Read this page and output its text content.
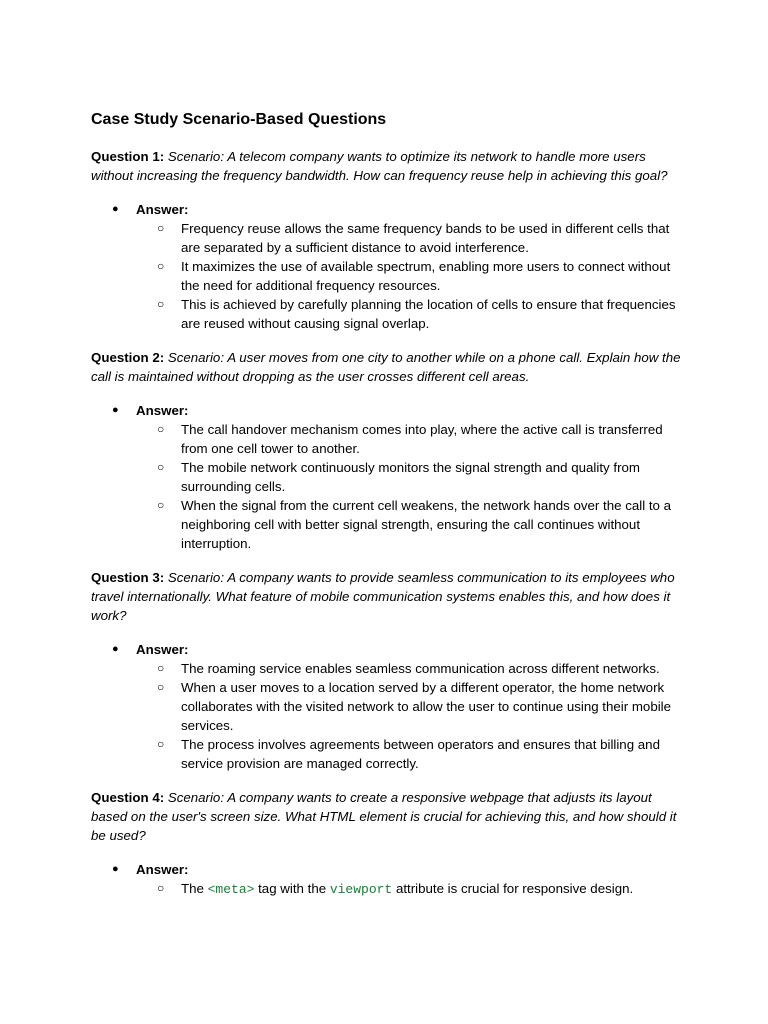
Case Study Scenario-Based Questions

Question 1: Scenario: A telecom company wants to optimize its network to handle more users without increasing the frequency bandwidth. How can frequency reuse help in achieving this goal?

● Answer:
○ Frequency reuse allows the same frequency bands to be used in different cells that are separated by a sufficient distance to avoid interference.
○ It maximizes the use of available spectrum, enabling more users to connect without the need for additional frequency resources.
○ This is achieved by carefully planning the location of cells to ensure that frequencies are reused without causing signal overlap.

Question 2: Scenario: A user moves from one city to another while on a phone call. Explain how the call is maintained without dropping as the user crosses different cell areas.

● Answer:
○ The call handover mechanism comes into play, where the active call is transferred from one cell tower to another.
○ The mobile network continuously monitors the signal strength and quality from surrounding cells.
○ When the signal from the current cell weakens, the network hands over the call to a neighboring cell with better signal strength, ensuring the call continues without interruption.

Question 3: Scenario: A company wants to provide seamless communication to its employees who travel internationally. What feature of mobile communication systems enables this, and how does it work?

● Answer:
○ The roaming service enables seamless communication across different networks.
○ When a user moves to a location served by a different operator, the home network collaborates with the visited network to allow the user to continue using their mobile services.
○ The process involves agreements between operators and ensures that billing and service provision are managed correctly.

Question 4: Scenario: A company wants to create a responsive webpage that adjusts its layout based on the user's screen size. What HTML element is crucial for achieving this, and how should it be used?

● Answer:
○ The <meta> tag with the viewport attribute is crucial for responsive design.
